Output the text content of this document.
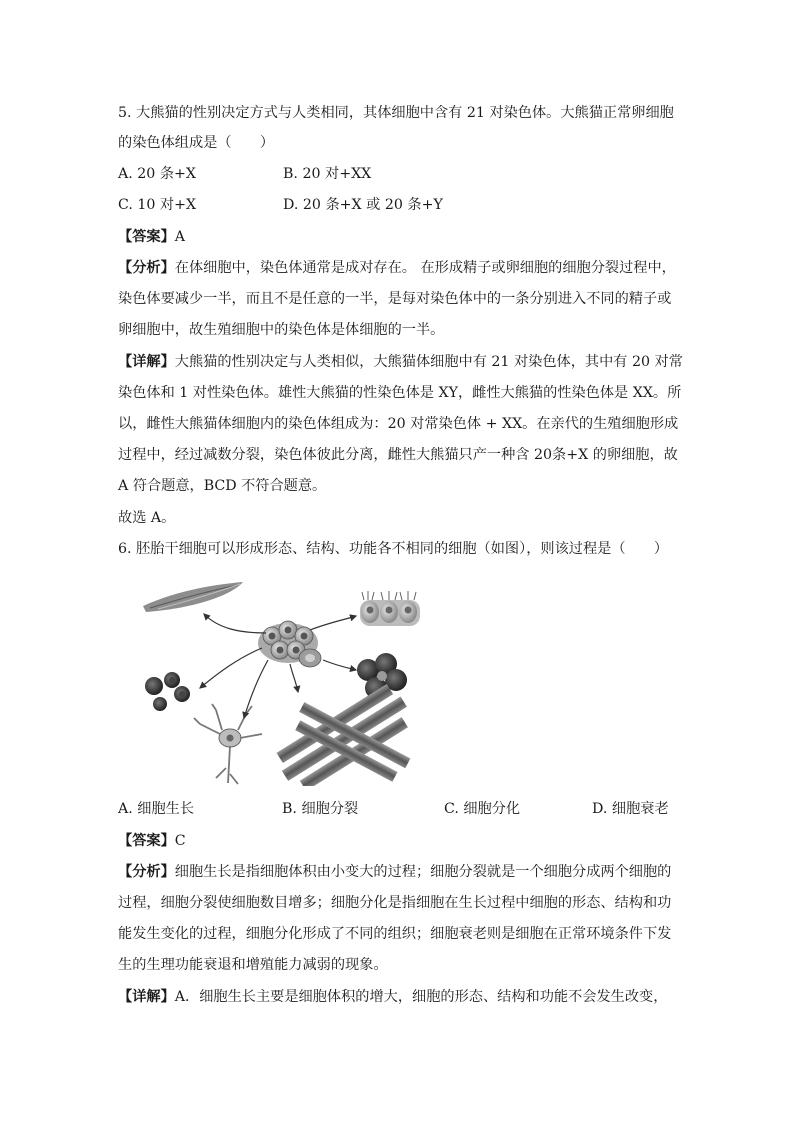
5. 大熊猫的性别决定方式与人类相同，其体细胞中含有 21 对染色体。大熊猫正常卵细胞
的染色体组成是（　　）
A. 20 条+X	B. 20 对+XX
C. 10 对+X	D. 20 条+X 或 20 条+Y
【答案】A
【分析】在体细胞中，染色体通常是成对存在。 在形成精子或卵细胞的细胞分裂过程中，
染色体要减少一半，而且不是任意的一半，是每对染色体中的一条分别进入不同的精子或
卵细胞中，故生殖细胞中的染色体是体细胞的一半。
【详解】大熊猫的性别决定与人类相似，大熊猫体细胞中有 21 对染色体，其中有 20 对常
染色体和 1 对性染色体。雄性大熊猫的性染色体是 XY，雌性大熊猫的性染色体是 XX。所
以，雌性大熊猫体细胞内的染色体组成为：20 对常染色体 + XX。在亲代的生殖细胞形成
过程中，经过减数分裂，染色体彼此分离，雌性大熊猫只产一种含 20条+X 的卵细胞，故
A 符合题意，BCD 不符合题意。
故选 A。
6. 胚胎干细胞可以形成形态、结构、功能各不相同的细胞（如图），则该过程是（　　）
A. 细胞生长	B. 细胞分裂	C. 细胞分化	D. 细胞衰老
【答案】C
【分析】细胞生长是指细胞体积由小变大的过程；细胞分裂就是一个细胞分成两个细胞的
过程，细胞分裂使细胞数目增多；细胞分化是指细胞在生长过程中细胞的形态、结构和功
能发生变化的过程，细胞分化形成了不同的组织；细胞衰老则是细胞在正常环境条件下发
生的生理功能衰退和增殖能力减弱的现象。
【详解】A．细胞生长主要是细胞体积的增大，细胞的形态、结构和功能不会发生改变，
